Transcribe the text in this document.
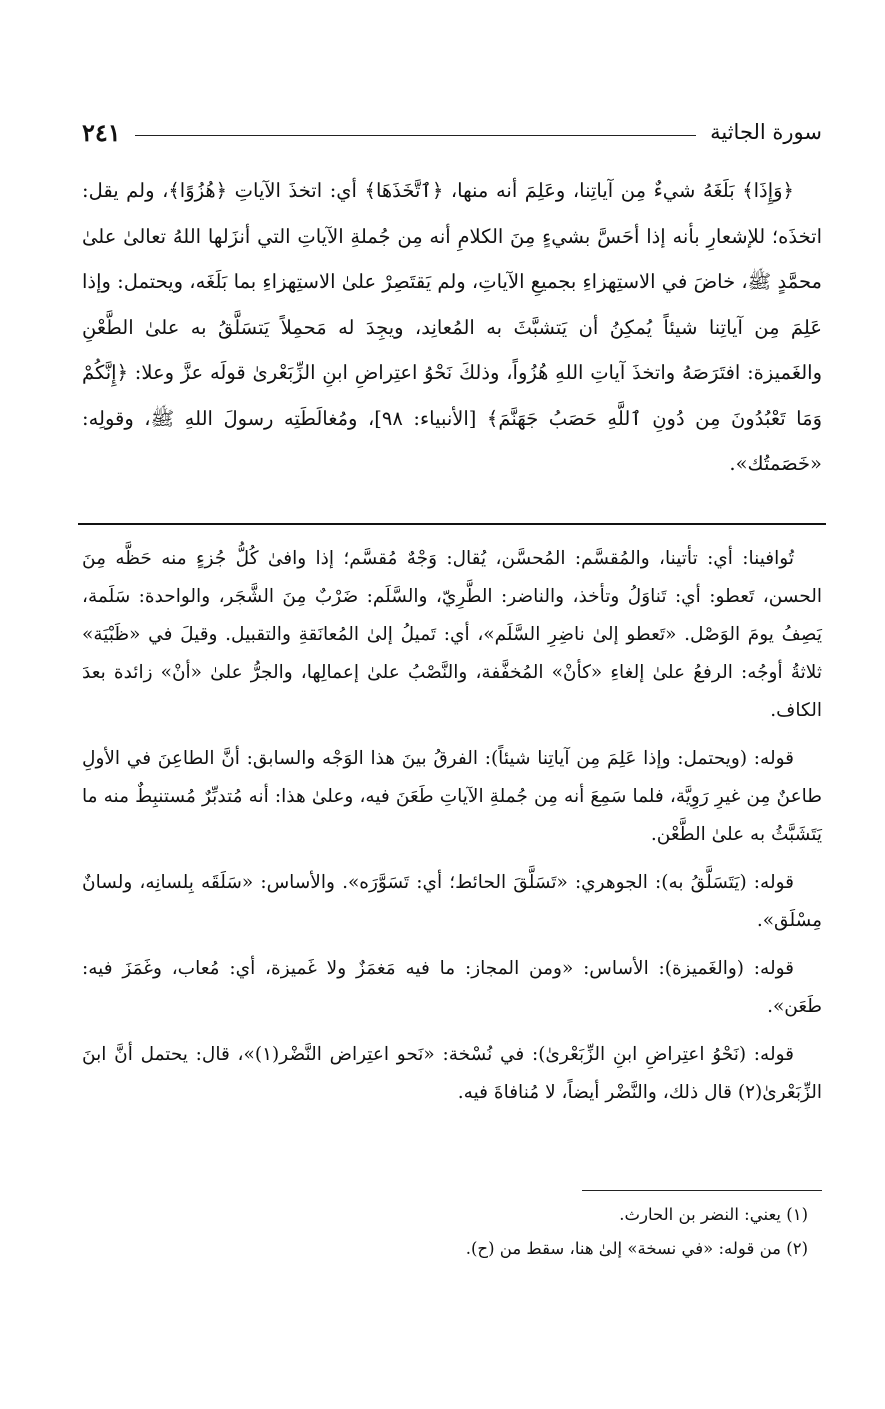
سورة الجاثية
٢٤١

﴿وَإِذَا﴾ بَلَغَهُ شيءٌ مِن آياتِنا، وعَلِمَ أنه منها، ﴿ٱتَّخَذَهَا﴾ أي: اتخذَ الآياتِ ﴿هُزُوًا﴾، ولم يقل: اتخذَه؛ للإشعارِ بأنه إذا أحَسَّ بشيءٍ مِنَ الكلامِ أنه مِن جُملةِ الآياتِ التي أنزَلها اللهُ تعالىٰ علىٰ محمَّدٍ ﷺ، خاضَ في الاستِهزاءِ بجميعِ الآياتِ، ولم يَقتَصِرْ علىٰ الاستِهزاءِ بما بَلَغَه، ويحتمل: وإذا عَلِمَ مِن آياتِنا شيئاً يُمكِنُ أن يَتشبَّثَ به المُعانِد، ويجِدَ له مَحمِلاً يَتسَلَّقُ به علىٰ الطَّعْنِ والغَميزة: افتَرَصَهُ واتخذَ آياتِ اللهِ هُزُواً، وذلكَ نَحْوُ اعتِراضِ ابنِ الزِّبَعْرىٰ قولَه عزَّ وعلا: ﴿إِنَّكُمْ وَمَا تَعْبُدُونَ مِن دُونِ ٱللَّهِ حَصَبُ جَهَنَّمَ﴾ [الأنبياء: ٩٨]، ومُغالَطَتِه رسولَ اللهِ ﷺ، وقولِه: «خَصَمتُك».

تُوافينا: أي: تأتينا، والمُقسَّم: المُحسَّن، يُقال: وَجْهٌ مُقسَّم؛ إذا وافىٰ كُلُّ جُزءٍ منه حَظَّه مِنَ الحسن، تَعطو: أي: تَناوَلُ وتأخذ، والناضر: الطَّرِيّ، والسَّلَم: ضَرْبٌ مِنَ الشَّجَر، والواحدة: سَلَمة، يَصِفُ يومَ الوَصْل. «تَعطو إلىٰ ناضِرِ السَّلَم»، أي: تَميلُ إلىٰ المُعانَقةِ والتقبيل. وقيلَ في «ظَبْيَة» ثلاثةُ أوجُه: الرفعُ علىٰ إلغاءِ «كأنْ» المُخفَّفة، والنَّصْبُ علىٰ إعمالِها، والجرُّ علىٰ «أنْ» زائدة بعدَ الكاف.

قوله: (ويحتمل: وإذا عَلِمَ مِن آياتِنا شيئاً): الفرقُ بينَ هذا الوَجْه والسابق: أنَّ الطاعِنَ في الأولِ طاعنٌ مِن غيرِ رَوِيَّة، فلما سَمِعَ أنه مِن جُملةِ الآياتِ طَعَنَ فيه، وعلىٰ هذا: أنه مُتدبِّرٌ مُستنبِطٌ منه ما يَتَشَبَّثُ به علىٰ الطَّعْن.

قوله: (يَتَسَلَّقُ به): الجوهري: «تَسَلَّقَ الحائط؛ أي: تَسَوَّرَه». والأساس: «سَلَقَه بِلسانِه، ولسانٌ مِسْلَق».

قوله: (والغَميزة): الأساس: «ومن المجاز: ما فيه مَغمَزٌ ولا غَميزة، أي: مُعاب، وغَمَزَ فيه: طَعَن».

قوله: (نَحْوُ اعتِراضِ ابنِ الزِّبَعْرىٰ): في نُسْخة: «نَحو اعتِراض النَّضْر(١)»، قال: يحتمل أنَّ ابنَ الزِّبَعْرىٰ(٢) قال ذلك، والنَّضْر أيضاً، لا مُنافاةَ فيه.

(١) يعني: النضر بن الحارث.
(٢) من قوله: «في نسخة» إلىٰ هنا، سقط من (ح).
